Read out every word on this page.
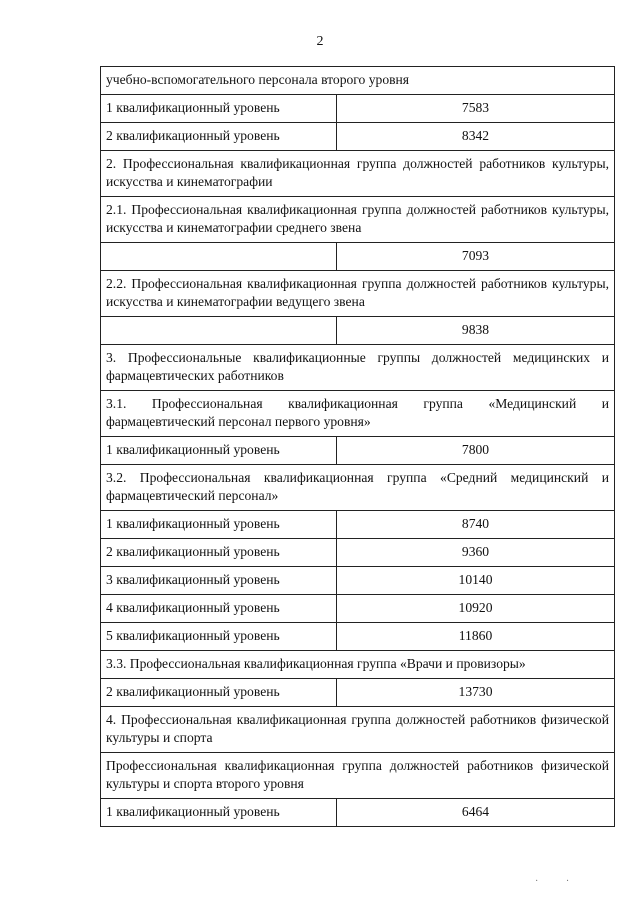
2
учебно-вспомогательного персонала второго уровня	
1 квалификационный уровень	7583
2 квалификационный уровень	8342
2. Профессиональная квалификационная группа должностей работников культуры, искусства и кинематографии	
2.1. Профессиональная квалификационная группа должностей работников культуры, искусства и кинематографии среднего звена	
	7093
2.2. Профессиональная квалификационная группа должностей работников культуры, искусства и кинематографии ведущего звена	
	9838
3. Профессиональные квалификационные группы должностей медицинских и фармацевтических работников	
3.1. Профессиональная квалификационная группа «Медицинский и фармацевтический персонал первого уровня»	
1 квалификационный уровень	7800
3.2. Профессиональная квалификационная группа «Средний медицинский и фармацевтический персонал»	
1 квалификационный уровень	8740
2 квалификационный уровень	9360
3 квалификационный уровень	10140
4 квалификационный уровень	10920
5 квалификационный уровень	11860
3.3. Профессиональная квалификационная группа «Врачи и провизоры»	
2 квалификационный уровень	13730
4. Профессиональная квалификационная группа должностей работников физической культуры и спорта	
Профессиональная квалификационная группа должностей работников физической культуры и спорта второго уровня	
1 квалификационный уровень	6464
·           ·
